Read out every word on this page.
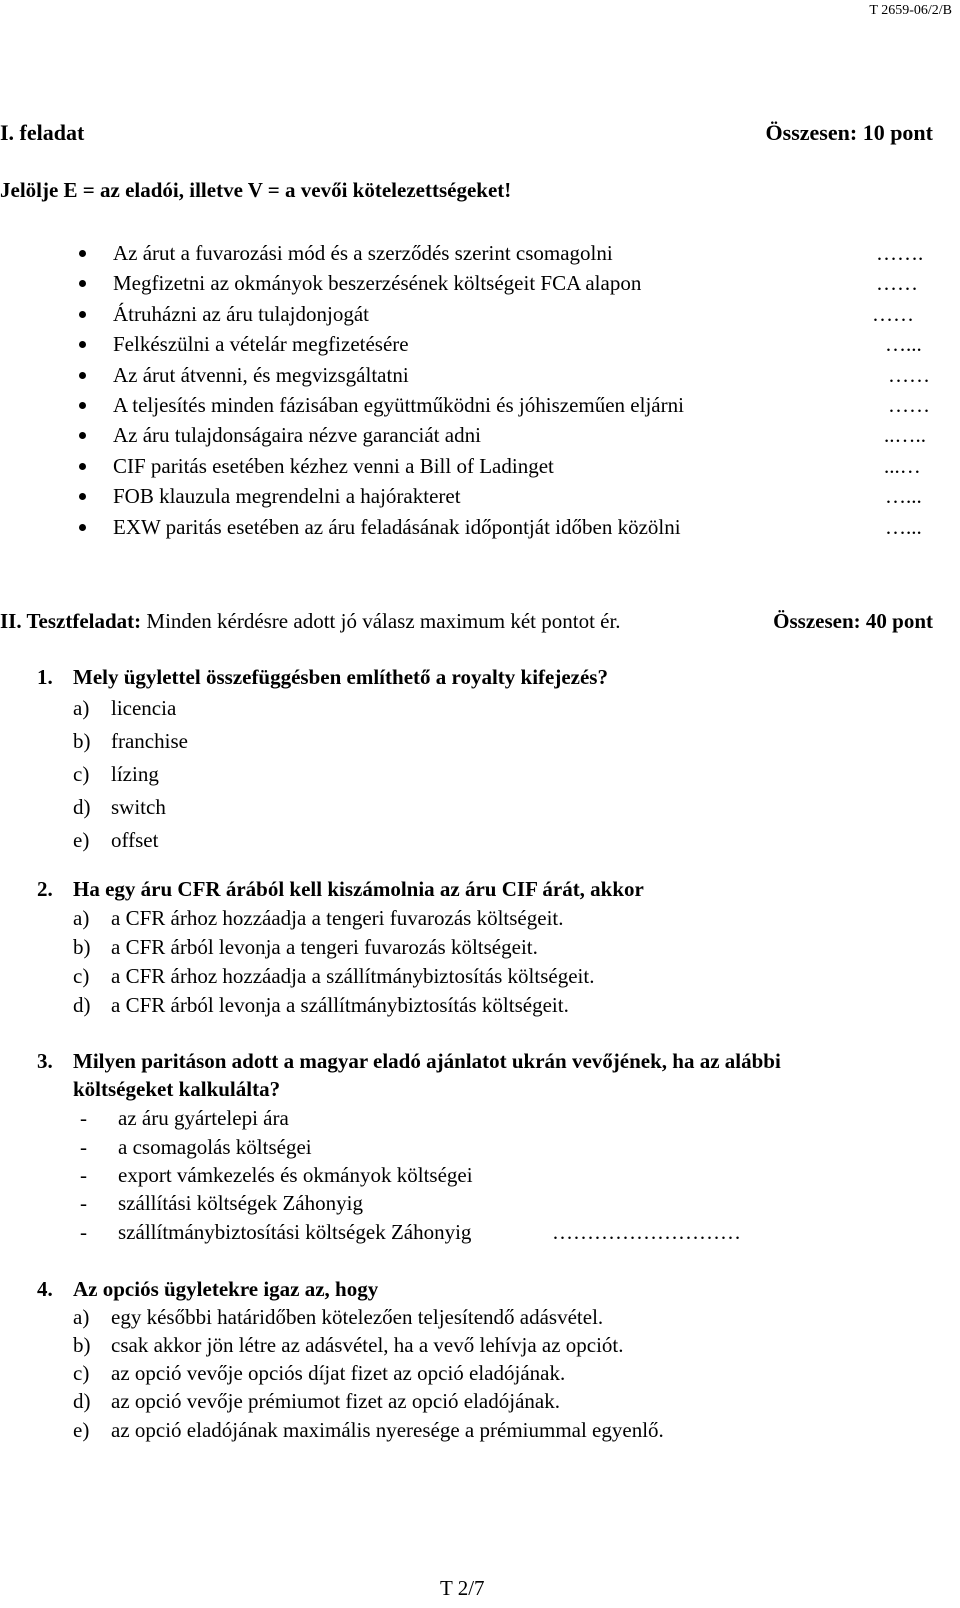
T 2659-06/2/B
I. feladat	Összesen: 10 pont
Jelölje E = az eladói, illetve V = a vevői kötelezettségeket!
Az árut a fuvarozási mód és a szerződés szerint csomagolni	…….
Megfizetni az okmányok beszerzésének költségeit FCA alapon	……
Átruházni az áru tulajdonjogát	……
Felkészülni a vételár megfizetésére	…...
Az árut átvenni, és megvizsgáltatni	……
A teljesítés minden fázisában együttműködni és jóhiszeműen eljárni	……
Az áru tulajdonságaira nézve garanciát adni	..…..
CIF paritás esetében kézhez venni a Bill of Ladinget	...…
FOB klauzula megrendelni a hajórakteret	…...
EXW paritás esetében az áru feladásának időpontját időben közölni	…...
II. Tesztfeladat: Minden kérdésre adott jó válasz maximum két pontot ér.	Összesen: 40 pont
1. Mely ügylettel összefüggésben említhető a royalty kifejezés?
a) licencia
b) franchise
c) lízing
d) switch
e) offset
2. Ha egy áru CFR árából kell kiszámolnia az áru CIF árát, akkor
a) a CFR árhoz hozzáadja a tengeri fuvarozás költségeit.
b) a CFR árból levonja a tengeri fuvarozás költségeit.
c) a CFR árhoz hozzáadja a szállítmánybiztosítás költségeit.
d) a CFR árból levonja a szállítmánybiztosítás költségeit.
3. Milyen paritáson adott a magyar eladó ajánlatot ukrán vevőjének, ha az alábbi
költségeket kalkulálta?
- az áru gyártelepi ára
- a csomagolás költségei
- export vámkezelés és okmányok költségei
- szállítási költségek Záhonyig
- szállítmánybiztosítási költségek Záhonyig	………………………
4. Az opciós ügyletekre igaz az, hogy
a) egy későbbi határidőben kötelezően teljesítendő adásvétel.
b) csak akkor jön létre az adásvétel, ha a vevő lehívja az opciót.
c) az opció vevője opciós díjat fizet az opció eladójának.
d) az opció vevője prémiumot fizet az opció eladójának.
e) az opció eladójának maximális nyeresége a prémiummal egyenlő.
T 2/7
